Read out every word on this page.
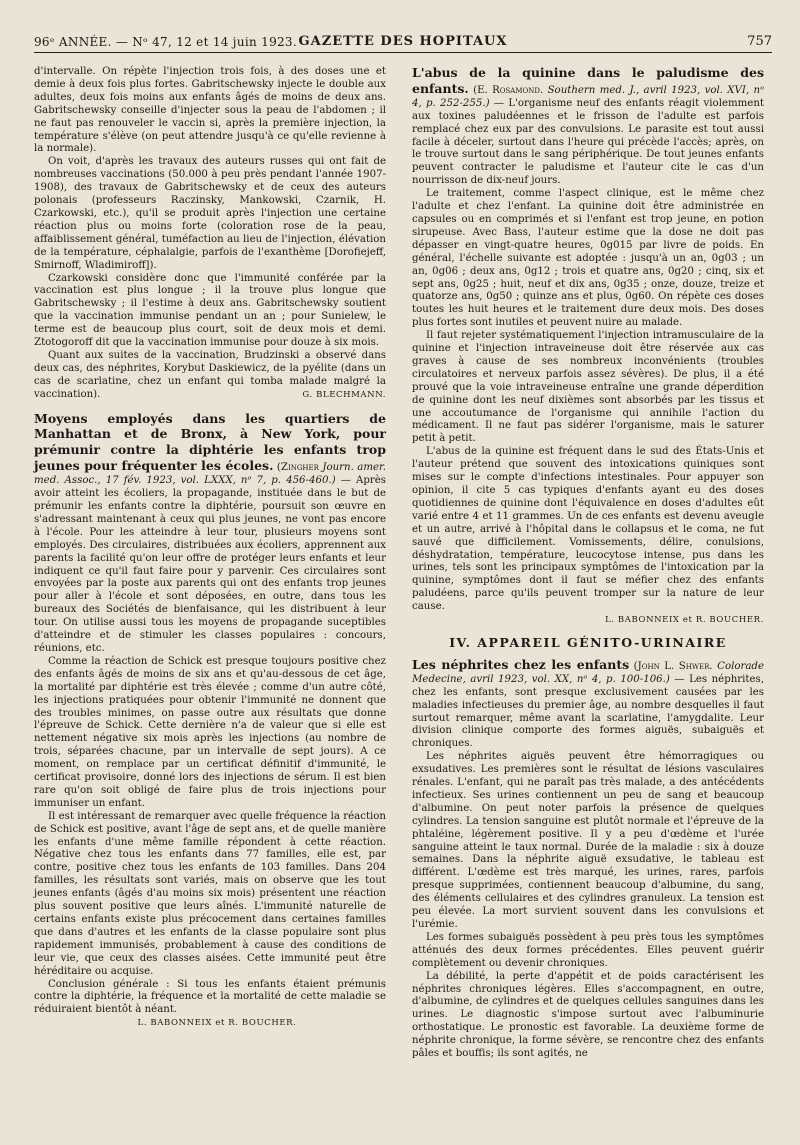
96ᵉ ANNÉE. — Nᵒ 47, 12 et 14 juin 1923. GAZETTE DES HOPITAUX	757

d'intervalle. On répète l'injection trois fois, à des doses une et demie à deux fois plus fortes. Gabritschewsky injecte le double aux adultes, deux fois moins aux enfants âgés de moins de deux ans. Gabritschewsky conseille d'injecter sous la peau de l'abdomen ; il ne faut pas renouveler le vaccin si, après la première injection, la température s'élève (on peut attendre jusqu'à ce qu'elle revienne à la normale).

On voit, d'après les travaux des auteurs russes qui ont fait de nombreuses vaccinations (50.000 à peu près pendant l'année 1907-1908), des travaux de Gabritschewsky et de ceux des auteurs polonais (professeurs Raczinsky, Mankowski, Czarnik, H. Czarkowski, etc.), qu'il se produit après l'injection une certaine réaction plus ou moins forte (coloration rose de la peau, affaiblissement général, tuméfaction au lieu de l'injection, élévation de la température, céphalalgie, parfois de l'exanthème [Dorofiejeff, Smirnoff, Wladimiroff]).

Czarkowski considère donc que l'immunité conférée par la vaccination est plus longue ; il la trouve plus longue que Gabritschewsky ; il l'estime à deux ans. Gabritschewsky soutient que la vaccination immunise pendant un an ; pour Sunielew, le terme est de beaucoup plus court, soit de deux mois et demi. Ztotogoroff dit que la vaccination immunise pour douze à six mois.

Quant aux suites de la vaccination, Brudzinski a observé dans deux cas, des néphrites, Korybut Daskiewicz, de la pyélite (dans un cas de scarlatine, chez un enfant qui tomba malade malgré la vaccination).	G. BLECHMANN.

Moyens employés dans les quartiers de Manhattan et de Bronx, à New York, pour prémunir contre la diphtérie les enfants trop jeunes pour fréquenter les écoles. (Zingher Journ. amer. med. Assoc., 17 fév. 1923, vol. LXXX, nᵒ 7, p. 456-460.) — Après avoir atteint les écoliers, la propagande, instituée dans le but de prémunir les enfants contre la diphtérie, poursuit son œuvre en s'adressant maintenant à ceux qui plus jeunes, ne vont pas encore à l'école. Pour les atteindre à leur tour, plusieurs moyens sont employés. Des circulaires, distribuées aux écoliers, apprennent aux parents la facilité qu'on leur offre de protéger leurs enfants et leur indiquent ce qu'il faut faire pour y parvenir. Ces circulaires sont envoyées par la poste aux parents qui ont des enfants trop jeunes pour aller à l'école et sont déposées, en outre, dans tous les bureaux des Sociétés de bienfaisance, qui les distribuent à leur tour. On utilise aussi tous les moyens de propagande suceptibles d'atteindre et de stimuler les classes populaires : concours, réunions, etc.

Comme la réaction de Schick est presque toujours positive chez des enfants âgés de moins de six ans et qu'au-dessous de cet âge, la mortalité par diphtérie est très élevée ; comme d'un autre côté, les injections pratiquées pour obtenir l'immunité ne donnent que des troubles minimes, on passe outre aux résultats que donne l'épreuve de Schick. Cette dernière n'a de valeur que si elle est nettement négative six mois après les injections (au nombre de trois, séparées chacune, par un intervalle de sept jours). A ce moment, on remplace par un certificat définitif d'immunité, le certificat provisoire, donné lors des injections de sérum. Il est bien rare qu'on soit obligé de faire plus de trois injections pour immuniser un enfant.

Il est intéressant de remarquer avec quelle fréquence la réaction de Schick est positive, avant l'âge de sept ans, et de quelle manière les enfants d'une même famille répondent à cette réaction. Négative chez tous les enfants dans 77 familles, elle est, par contre, positive chez tous les enfants de 103 familles. Dans 204 familles, les résultats sont variés, mais on observe que les tout jeunes enfants (âgés d'au moins six mois) présentent une réaction plus souvent positive que leurs aînés. L'immunité naturelle de certains enfants existe plus précocement dans certaines familles que dans d'autres et les enfants de la classe populaire sont plus rapidement immunisés, probablement à cause des conditions de leur vie, que ceux des classes aisées. Cette immunité peut être héréditaire ou acquise.

Conclusion générale : Si tous les enfants étaient prémunis contre la diphtérie, la fréquence et la mortalité de cette maladie se réduiraient bientôt à néant.

L. BABONNEIX et R. BOUCHER.

L'abus de la quinine dans le paludisme des enfants. (E. Rosamond. Southern med. J., avril 1923, vol. XVI, nᵒ 4, p. 252-255.) — L'organisme neuf des enfants réagit violemment aux toxines paludéennes et le frisson de l'adulte est parfois remplacé chez eux par des convulsions. Le parasite est tout aussi facile à déceler, surtout dans l'heure qui précède l'accès; après, on le trouve surtout dans le sang périphérique. De tout jeunes enfants peuvent contracter le paludisme et l'auteur cite le cas d'un nourrisson de dix-neuf jours.

Le traitement, comme l'aspect clinique, est le même chez l'adulte et chez l'enfant. La quinine doit être administrée en capsules ou en comprimés et si l'enfant est trop jeune, en potion sirupeuse. Avec Bass, l'auteur estime que la dose ne doit pas dépasser en vingt-quatre heures, 0g015 par livre de poids. En général, l'échelle suivante est adoptée : jusqu'à un an, 0g03 ; un an, 0g06 ; deux ans, 0g12 ; trois et quatre ans, 0g20 ; cinq, six et sept ans, 0g25 ; huit, neuf et dix ans, 0g35 ; onze, douze, treize et quatorze ans, 0g50 ; quinze ans et plus, 0g60. On répète ces doses toutes les huit heures et le traitement dure deux mois. Des doses plus fortes sont inutiles et peuvent nuire au malade.

Il faut rejeter systématiquement l'injection intramusculaire de la quinine et l'injection intraveineuse doit être réservée aux cas graves à cause de ses nombreux inconvénients (troubles circulatoires et nerveux parfois assez sévères). De plus, il a été prouvé que la voie intraveineuse entraîne une grande déperdition de quinine dont les neuf dixièmes sont absorbés par les tissus et une accoutumance de l'organisme qui annihile l'action du médicament. Il ne faut pas sidérer l'organisme, mais le saturer petit à petit.

L'abus de la quinine est fréquent dans le sud des États-Unis et l'auteur prétend que souvent des intoxications quiniques sont mises sur le compte d'infections intestinales. Pour appuyer son opinion, il cite 5 cas typiques d'enfants ayant eu des doses quotidiennes de quinine dont l'équivalence en doses d'adultes eût varié entre 4 et 11 grammes. Un de ces enfants est devenu aveugle et un autre, arrivé à l'hôpital dans le collapsus et le coma, ne fut sauvé que difficilement. Vomissements, délire, conulsions, déshydratation, température, leucocytose intense, pus dans les urines, tels sont les principaux symptômes de l'intoxication par la quinine, symptômes dont il faut se méfier chez des enfants paludéens, parce qu'ils peuvent tromper sur la nature de leur cause.

L. BABONNEIX et R. BOUCHER.

IV. APPAREIL GÉNITO-URINAIRE

Les néphrites chez les enfants (John L. Shwer. Colorade Medecine, avril 1923, vol. XX, nᵒ 4, p. 100-106.) — Les néphrites, chez les enfants, sont presque exclusivement causées par les maladies infectieuses du premier âge, au nombre desquelles il faut surtout remarquer, même avant la scarlatine, l'amygdalite. Leur division clinique comporte des formes aiguës, subaiguës et chroniques.

Les néphrites aiguës peuvent être hémorragiques ou exsudatives. Les premières sont le résultat de lésions vasculaires rénales. L'enfant, qui ne paraît pas très malade, a des antécédents infectieux. Ses urines contiennent un peu de sang et beaucoup d'albumine. On peut noter parfois la présence de quelques cylindres. La tension sanguine est plutôt normale et l'épreuve de la phtaléine, légèrement positive. Il y a peu d'œdème et l'urée sanguine atteint le taux normal. Durée de la maladie : six à douze semaines. Dans la néphrite aiguë exsudative, le tableau est différent. L'œdème est très marqué, les urines, rares, parfois presque supprimées, contiennent beaucoup d'albumine, du sang, des éléments cellulaires et des cylindres granuleux. La tension est peu élevée. La mort survient souvent dans les convulsions et l'urémie.

Les formes subaiguës possèdent à peu près tous les symptômes atténués des deux formes précédentes. Elles peuvent guérir complètement ou devenir chroniques.

La débilité, la perte d'appétit et de poids caractérisent les néphrites chroniques légères. Elles s'accompagnent, en outre, d'albumine, de cylindres et de quelques cellules sanguines dans les urines. Le diagnostic s'impose surtout avec l'albuminurie orthostatique. Le pronostic est favorable. La deuxième forme de néphrite chronique, la forme sévère, se rencontre chez des enfants pâles et bouffis; ils sont agités, ne
